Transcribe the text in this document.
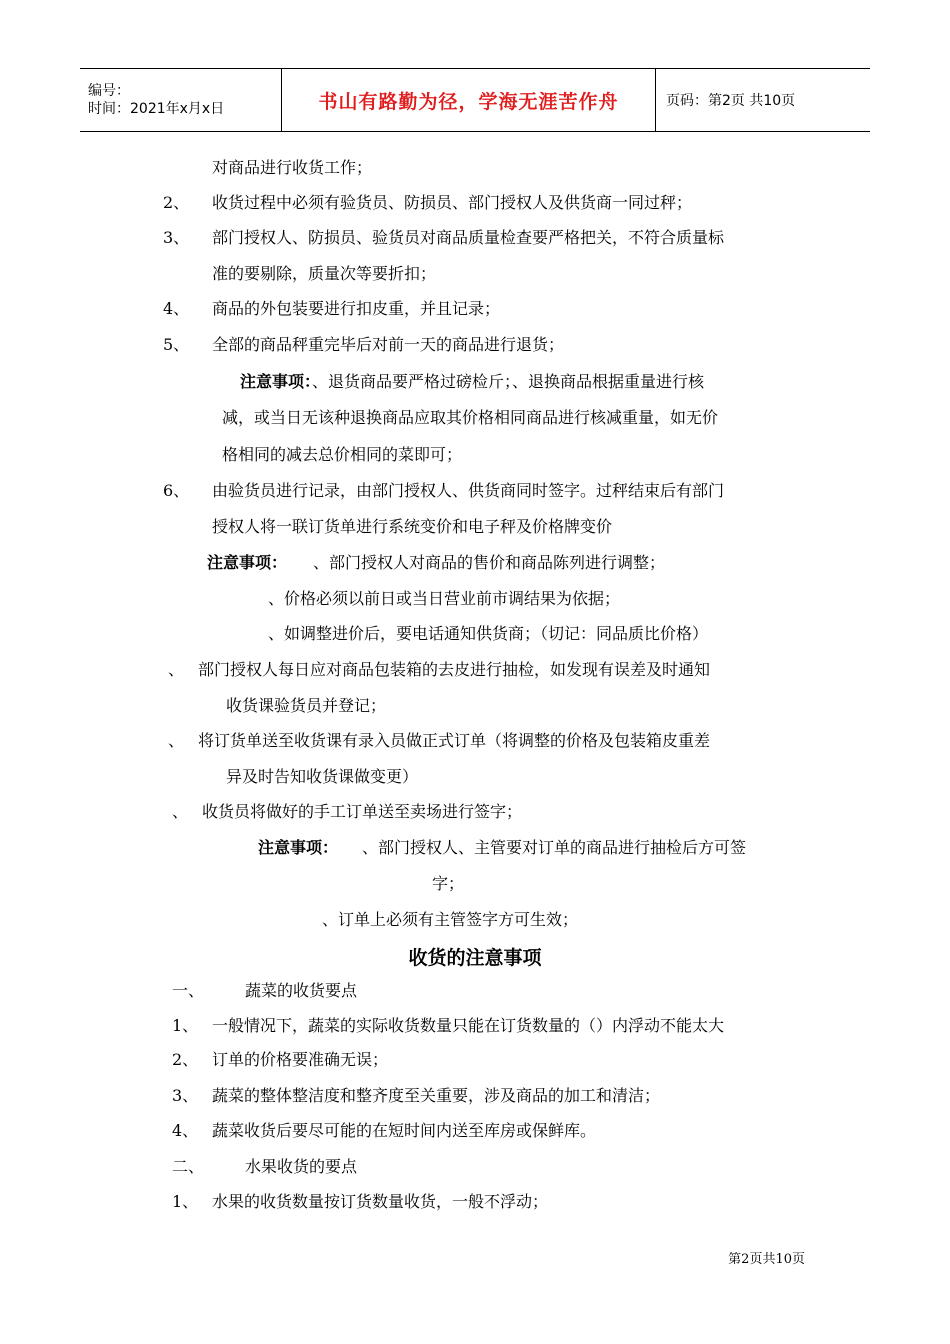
编号：
时间：2021年x月x日	书山有路勤为径，学海无涯苦作舟	页码：第2页 共10页
对商品进行收货工作；
2、 收货过程中必须有验货员、防损员、部门授权人及供货商一同过秤；
3、 部门授权人、防损员、验货员对商品质量检查要严格把关，不符合质量标
准的要剔除，质量次等要折扣；
4、 商品的外包装要进行扣皮重，并且记录；
5、 全部的商品秤重完毕后对前一天的商品进行退货；
注意事项：、退货商品要严格过磅检斤；、退换商品根据重量进行核
减，或当日无该种退换商品应取其价格相同商品进行核减重量，如无价
格相同的减去总价相同的菜即可；
6、 由验货员进行记录，由部门授权人、供货商同时签字。过秤结束后有部门
授权人将一联订货单进行系统变价和电子秤及价格牌变价
注意事项： 、部门授权人对商品的售价和商品陈列进行调整；
、价格必须以前日或当日营业前市调结果为依据；
、如调整进价后，要电话通知供货商；（切记：同品质比价格）
、 部门授权人每日应对商品包装箱的去皮进行抽检，如发现有误差及时通知
收货课验货员并登记；
、 将订货单送至收货课有录入员做正式订单（将调整的价格及包装箱皮重差
异及时告知收货课做变更）
、 收货员将做好的手工订单送至卖场进行签字；
注意事项： 、部门授权人、主管要对订单的商品进行抽检后方可签
字；
、订单上必须有主管签字方可生效；
收货的注意事项
一、	蔬菜的收货要点
1、 一般情况下，蔬菜的实际收货数量只能在订货数量的（）内浮动不能太大
2、 订单的价格要准确无误；
3、 蔬菜的整体整洁度和整齐度至关重要，涉及商品的加工和清洁；
4、 蔬菜收货后要尽可能的在短时间内送至库房或保鲜库。
二、	水果收货的要点
1、 水果的收货数量按订货数量收货，一般不浮动；
第2页共10页
